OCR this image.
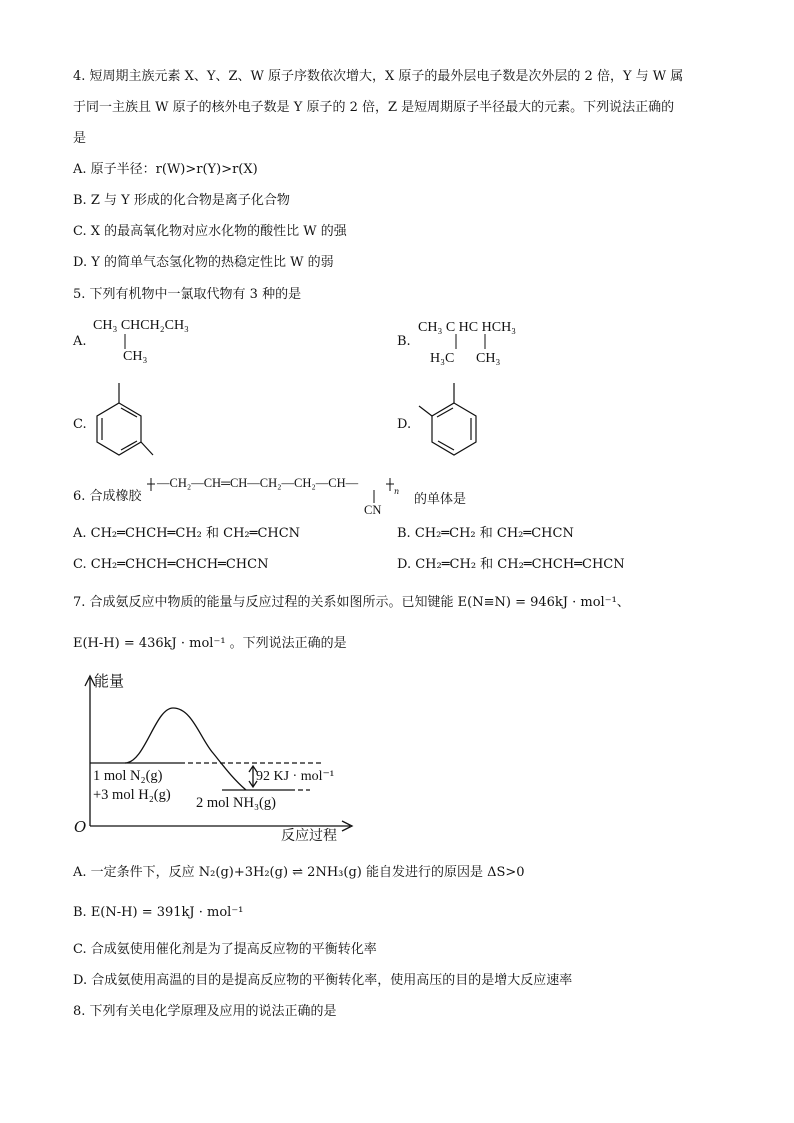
4. 短周期主族元素 X、Y、Z、W 原子序数依次增大，X 原子的最外层电子数是次外层的 2 倍，Y 与 W 属
于同一主族且 W 原子的核外电子数是 Y 原子的 2 倍，Z 是短周期原子半径最大的元素。下列说法正确的
是
A. 原子半径：r(W)>r(Y)>r(X)
B. Z 与 Y 形成的化合物是离子化合物
C. X 的最高氧化物对应水化物的酸性比 W 的强
D. Y 的简单气态氢化物的热稳定性比 W 的弱
5. 下列有机物中一氯取代物有 3 种的是
A.
CH₃ CHCH₂CH₃
CH₃
B.
CH₃ C HC HCH₃
H₃C CH₃
C.	D.
6. 合成橡胶
—CH₂—CH═CH—CH₂—CH₂—CH—
CN
n
的单体是
A. CH₂═CHCH═CH₂ 和 CH₂═CHCN	B. CH₂═CH₂ 和 CH₂═CHCN
C. CH₂═CHCH═CHCH═CHCN	D. CH₂═CH₂ 和 CH₂═CHCH═CHCN
7. 合成氨反应中物质的能量与反应过程的关系如图所示。已知键能 E(N≡N) = 946kJ · mol⁻¹、
E(H-H) = 436kJ · mol⁻¹ 。下列说法正确的是
能量
反应过程
O
1 mol N₂(g)
+3 mol H₂(g) 2 mol NH₃(g)
92 KJ · mol⁻¹
A. 一定条件下，反应 N₂(g)+3H₂(g) ⇌ 2NH₃(g) 能自发进行的原因是 ΔS>0
B. E(N-H) = 391kJ · mol⁻¹
C. 合成氨使用催化剂是为了提高反应物的平衡转化率
D. 合成氨使用高温的目的是提高反应物的平衡转化率，使用高压的目的是增大反应速率
8. 下列有关电化学原理及应用的说法正确的是
